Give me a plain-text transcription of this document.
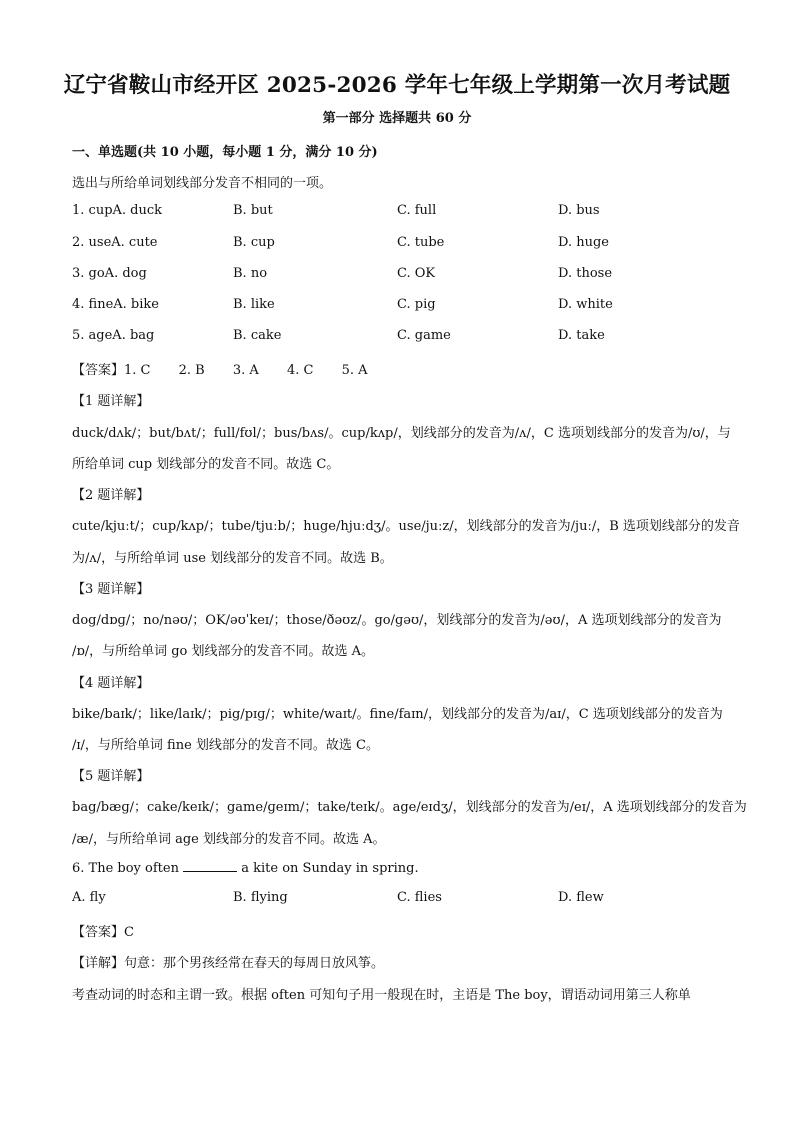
辽宁省鞍山市经开区 2025-2026 学年七年级上学期第一次月考试题
第一部分 选择题共 60 分
一、单选题(共 10 小题，每小题 1 分，满分 10 分)
选出与所给单词划线部分发音不相同的一项。
1. cupA. duck	B. but	C. full	D. bus
2. useA. cute	B. cup	C. tube	D. huge
3. goA. dog	B. no	C. OK	D. those
4. fineA. bike	B. like	C. pig	D. white
5. ageA. bag	B. cake	C. game	D. take
【答案】1. C 2. B 3. A 4. C 5. A
【1 题详解】
duck/dʌk/；but/bʌt/；full/fʊl/；bus/bʌs/。cup/kʌp/，划线部分的发音为/ʌ/，C 选项划线部分的发音为/ʊ/，与
所给单词 cup 划线部分的发音不同。故选 C。
【2 题详解】
cute/kjuːt/；cup/kʌp/；tube/tjuːb/；huge/hjuːdʒ/。use/juːz/，划线部分的发音为/juː/，B 选项划线部分的发音
为/ʌ/，与所给单词 use 划线部分的发音不同。故选 B。
【3 题详解】
dog/dɒɡ/；no/nəʊ/；OK/əʊˈkeɪ/；those/ðəʊz/。go/ɡəʊ/，划线部分的发音为/əʊ/，A 选项划线部分的发音为
/ɒ/，与所给单词 go 划线部分的发音不同。故选 A。
【4 题详解】
bike/baɪk/；like/laɪk/；pig/pɪɡ/；white/waɪt/。fine/faɪn/，划线部分的发音为/aɪ/，C 选项划线部分的发音为
/ɪ/，与所给单词 fine 划线部分的发音不同。故选 C。
【5 题详解】
bag/bæɡ/；cake/keɪk/；game/ɡeɪm/；take/teɪk/。age/eɪdʒ/，划线部分的发音为/eɪ/，A 选项划线部分的发音为
/æ/，与所给单词 age 划线部分的发音不同。故选 A。
6. The boy often	a kite on Sunday in spring.
A. fly	B. flying	C. flies	D. flew
【答案】C
【详解】句意：那个男孩经常在春天的每周日放风筝。
考查动词的时态和主谓一致。根据 often 可知句子用一般现在时，主语是 The boy，谓语动词用第三人称单
